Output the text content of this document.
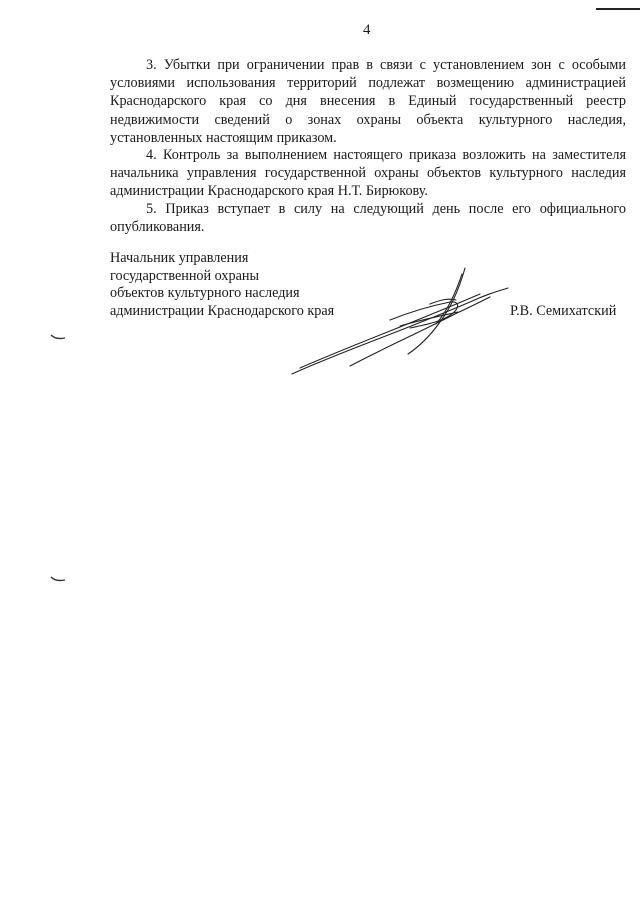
4

3. Убытки при ограничении прав в связи с установлением зон с особыми условиями использования территорий подлежат возмещению администрацией Краснодарского края со дня внесения в Единый государственный реестр недвижимости сведений о зонах охраны объекта культурного наследия, установленных настоящим приказом.

4. Контроль за выполнением настоящего приказа возложить на заместителя начальника управления государственной охраны объектов культурного наследия администрации Краснодарского края Н.Т. Бирюкову.

5. Приказ вступает в силу на следующий день после его официального опубликования.

Начальник управления
государственной охраны
объектов культурного наследия
администрации Краснодарского края	Р.В. Семихатский
